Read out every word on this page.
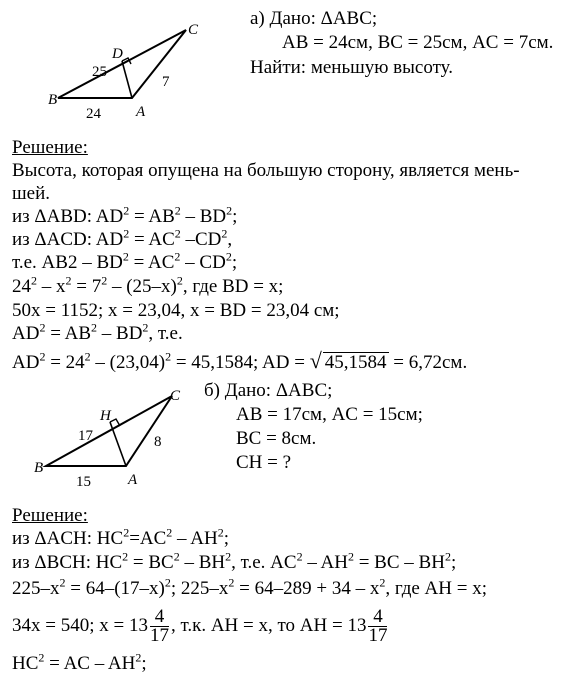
B
D
C
A
25
7
24
а) Дано: ΔABC;
AB = 24см, BC = 25см, AC = 7см.
Найти: меньшую высоту.
Решение:
Высота, которая опущена на большую сторону, является мень-
шей.
из ΔABD: $AD^2 = AB^2 - BD^2$;
из ΔACD: $AD^2 = AC^2$ $-CD^2$,
т.е. $AB2 - BD^2 = AC^2 - CD^2$;
$24^2 - x^2 = 7^2 - (25-x)^2$, где BD = x;
50x = 1152; x = 23,04, x = BD = 23,04 см;
$AD^2 = AB^2 - BD^2$, т.е.
$AD^2 = 24^2 - (23,04)^2 = 45,1584$; AD = √ 45,1584 = 6,72см.
B
H
C
A
17	8
15
б) Дано: ΔABC;
AB = 17см, AC = 15см;
BC = 8см.
CH = ?
Решение:
из ΔACH: $HC^2=AC^2 - AH^2$;
из ΔBCH: $HC^2 = BC^2 - BH^2$, т.е. $AC^2 - AH^2$ = BC – $BH^2$;
$225-x^2 = 64-(17-x)^2$; $225-x^2 = 64-289 + 34 - x^2$, где AH = x;
34x = 540; $x = 13 \frac{4}{17}$ , т.к. AH = x, то AH = $13 \frac{4}{17}$
$HC^2$ = AC – $AH^2$;
